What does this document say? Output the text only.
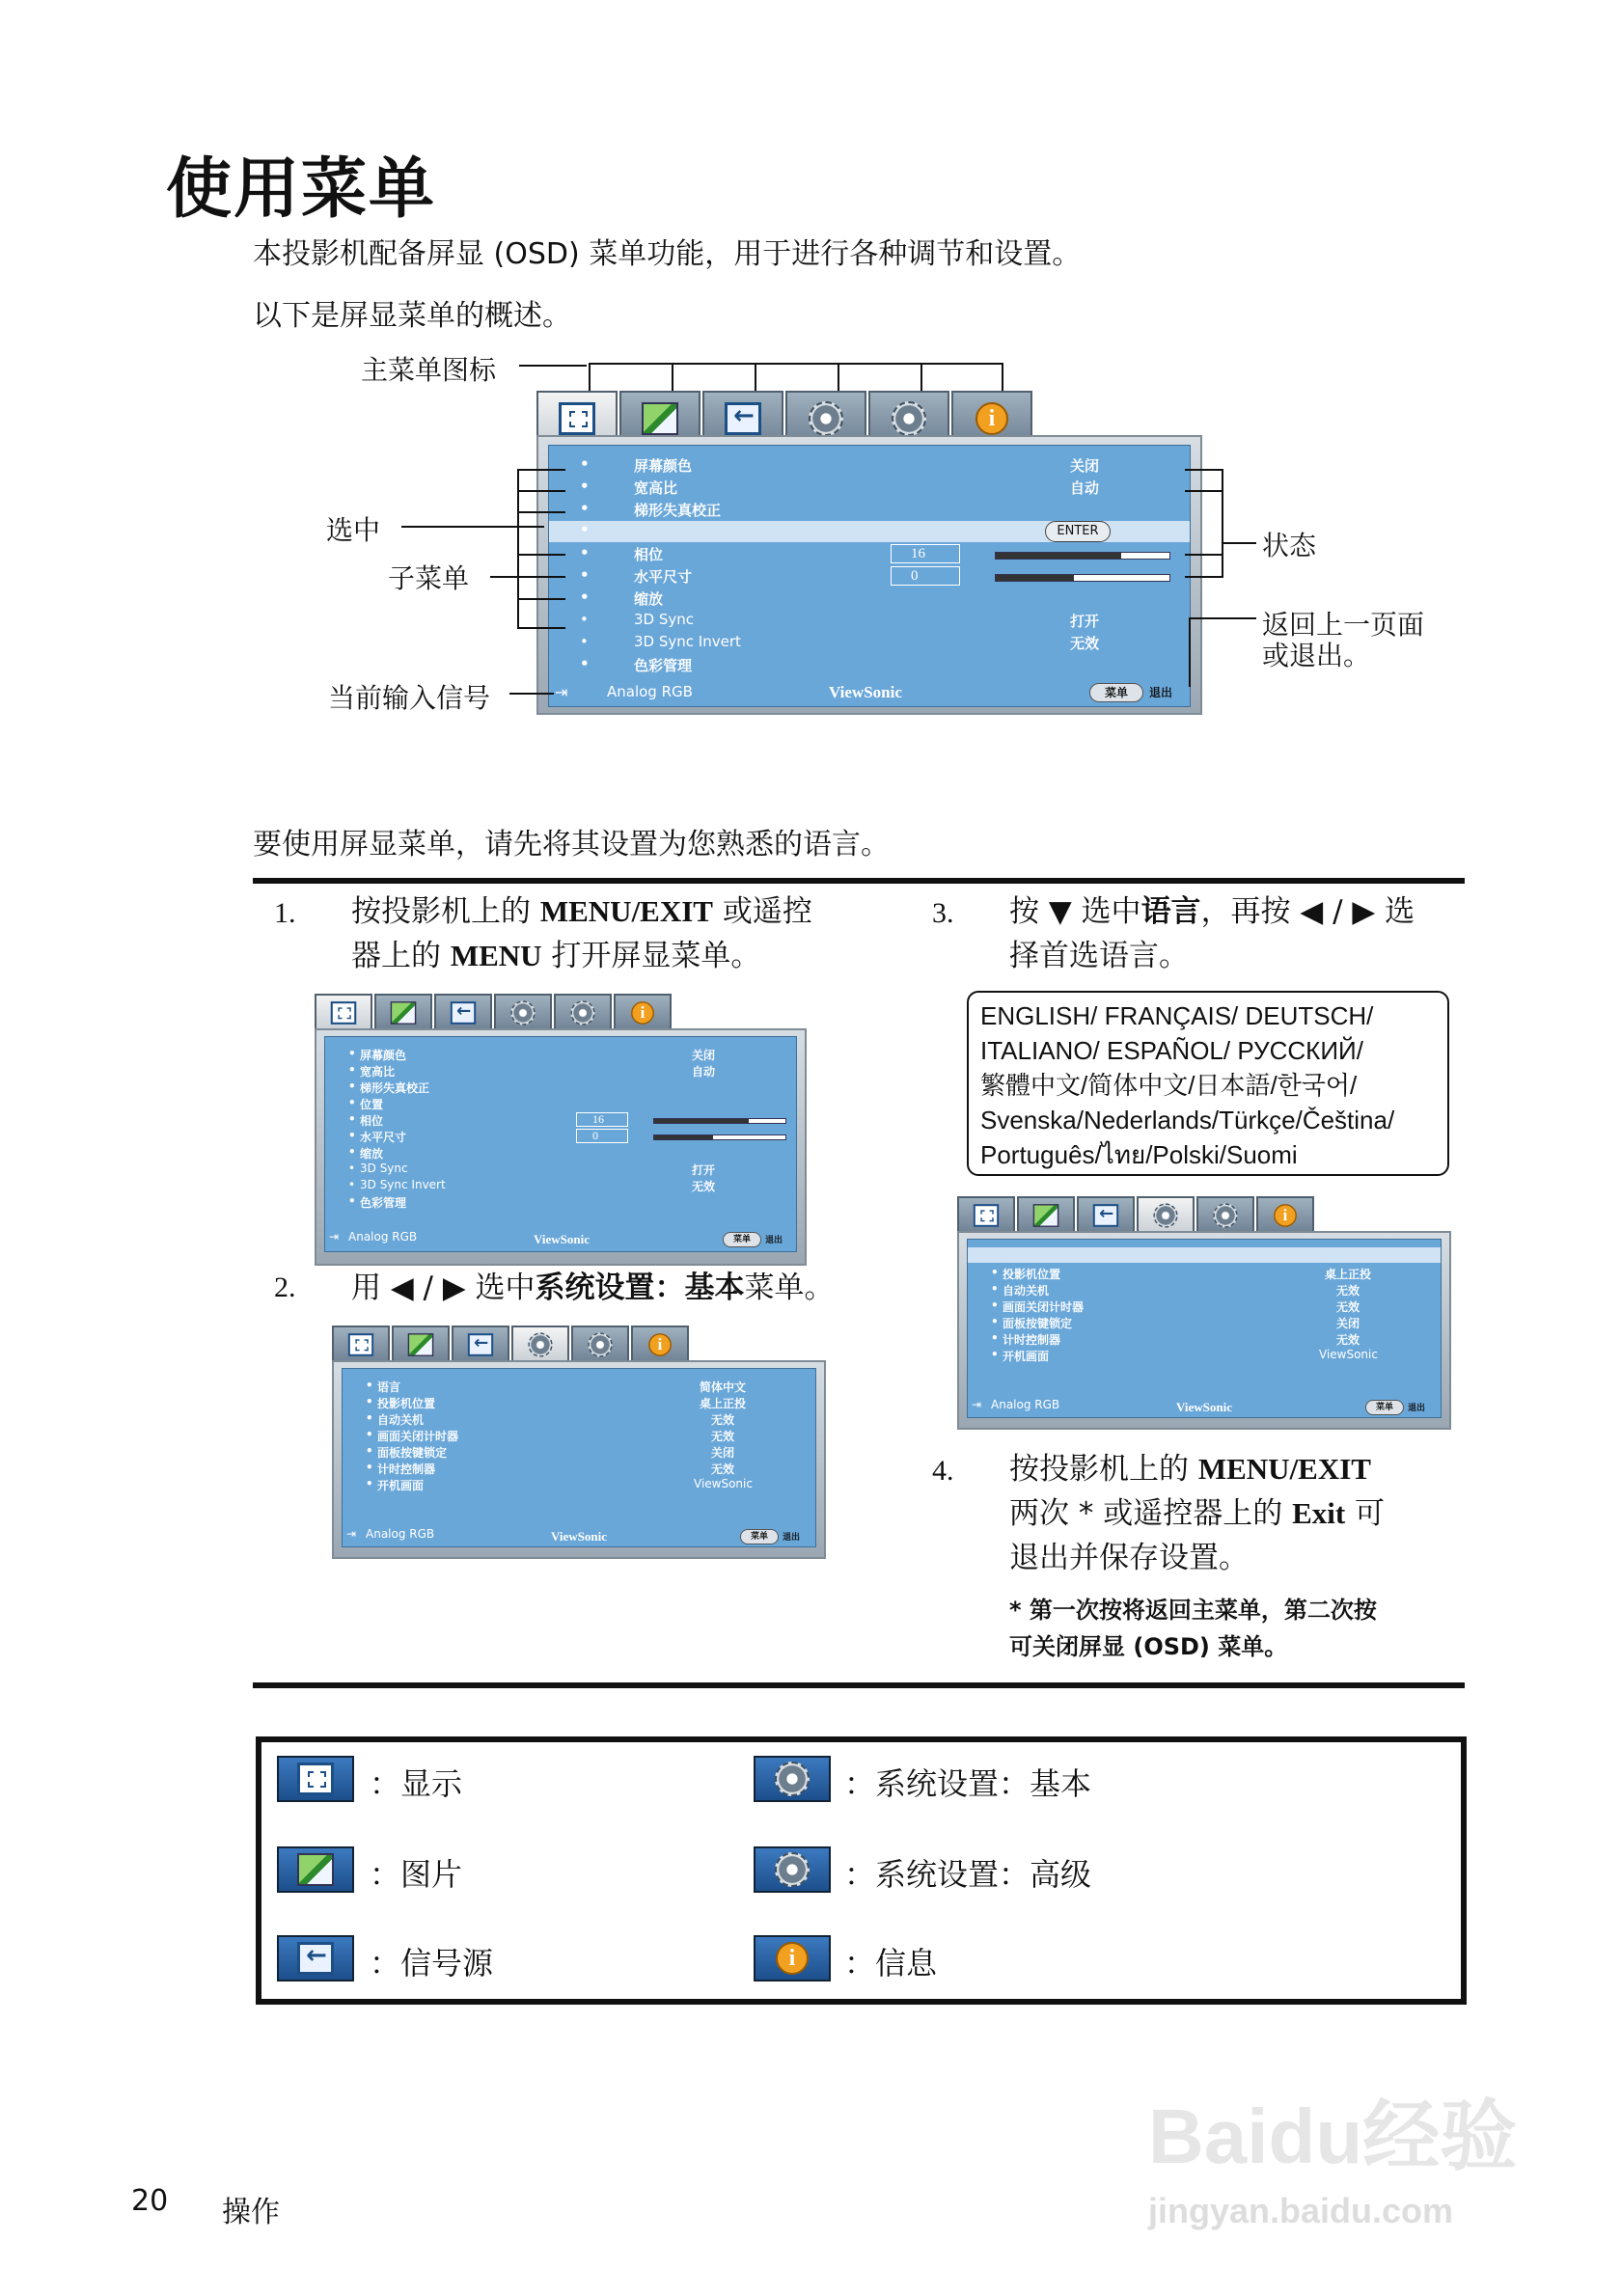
使用菜单
本投影机配备屏显 (OSD) 菜单功能，用于进行各种调节和设置。
以下是屏显菜单的概述。
主菜单图标
←
i
•	屏幕颜色	关闭
•	宽高比	自动
•	梯形失真校正
•	位置	ENTER
•	相位	16
•	水平尺寸	0
•	缩放
•	3D Sync	打开
•	3D Sync Invert	无效
•	色彩管理
⇥	Analog RGB	ViewSonic	菜单	退出
选中
子菜单
当前输入信号
状态
返回上一页面
或退出。
要使用屏显菜单，请先将其设置为您熟悉的语言。
1. 按投影机上的 MENU/EXIT 或遥控
器上的 MENU 打开屏显菜单。
←
i
• 屏幕颜色	关闭
• 宽高比	自动
• 梯形失真校正
• 位置
• 相位	16
• 水平尺寸	0
• 缩放
• 3D Sync	打开
• 3D Sync Invert	无效
• 色彩管理
⇥ Analog RGB	ViewSonic	菜单	退出
2. 用 ◀ / ▶ 选中系统设置：基本菜单。
←
i
• 语言	简体中文
• 投影机位置	桌上正投
• 自动关机	无效
• 画面关闭计时器	无效
• 面板按键锁定	关闭
• 计时控制器	无效
• 开机画面	ViewSonic
⇥ Analog RGB	ViewSonic	菜单	退出
3. 按 ▼ 选中语言，再按 ◀ / ▶ 选
择首选语言。
ENGLISH/ FRANÇAIS/ DEUTSCH/
ITALIANO/ ESPAÑOL/ РУССКИЙ/
繁體中文/简体中文/日本語/한국어/
Svenska/Nederlands/Türkçe/Čeština/
Português/ไทย/Polski/Suomi
←
i
• 语言	简体中文
• 投影机位置	桌上正投
• 自动关机	无效
• 画面关闭计时器	无效
• 面板按键锁定	关闭
• 计时控制器	无效
• 开机画面	ViewSonic
⇥ Analog RGB	ViewSonic	菜单	退出
4. 按投影机上的 MENU/EXIT
两次 * 或遥控器上的 Exit 可
退出并保存设置。
* 第一次按将返回主菜单，第二次按
可关闭屏显 (OSD) 菜单。
：显示
：图片
←
：信号源
：系统设置：基本
：系统设置：高级
i	：信息
20 操作
Baidu经验
jingyan.baidu.com
